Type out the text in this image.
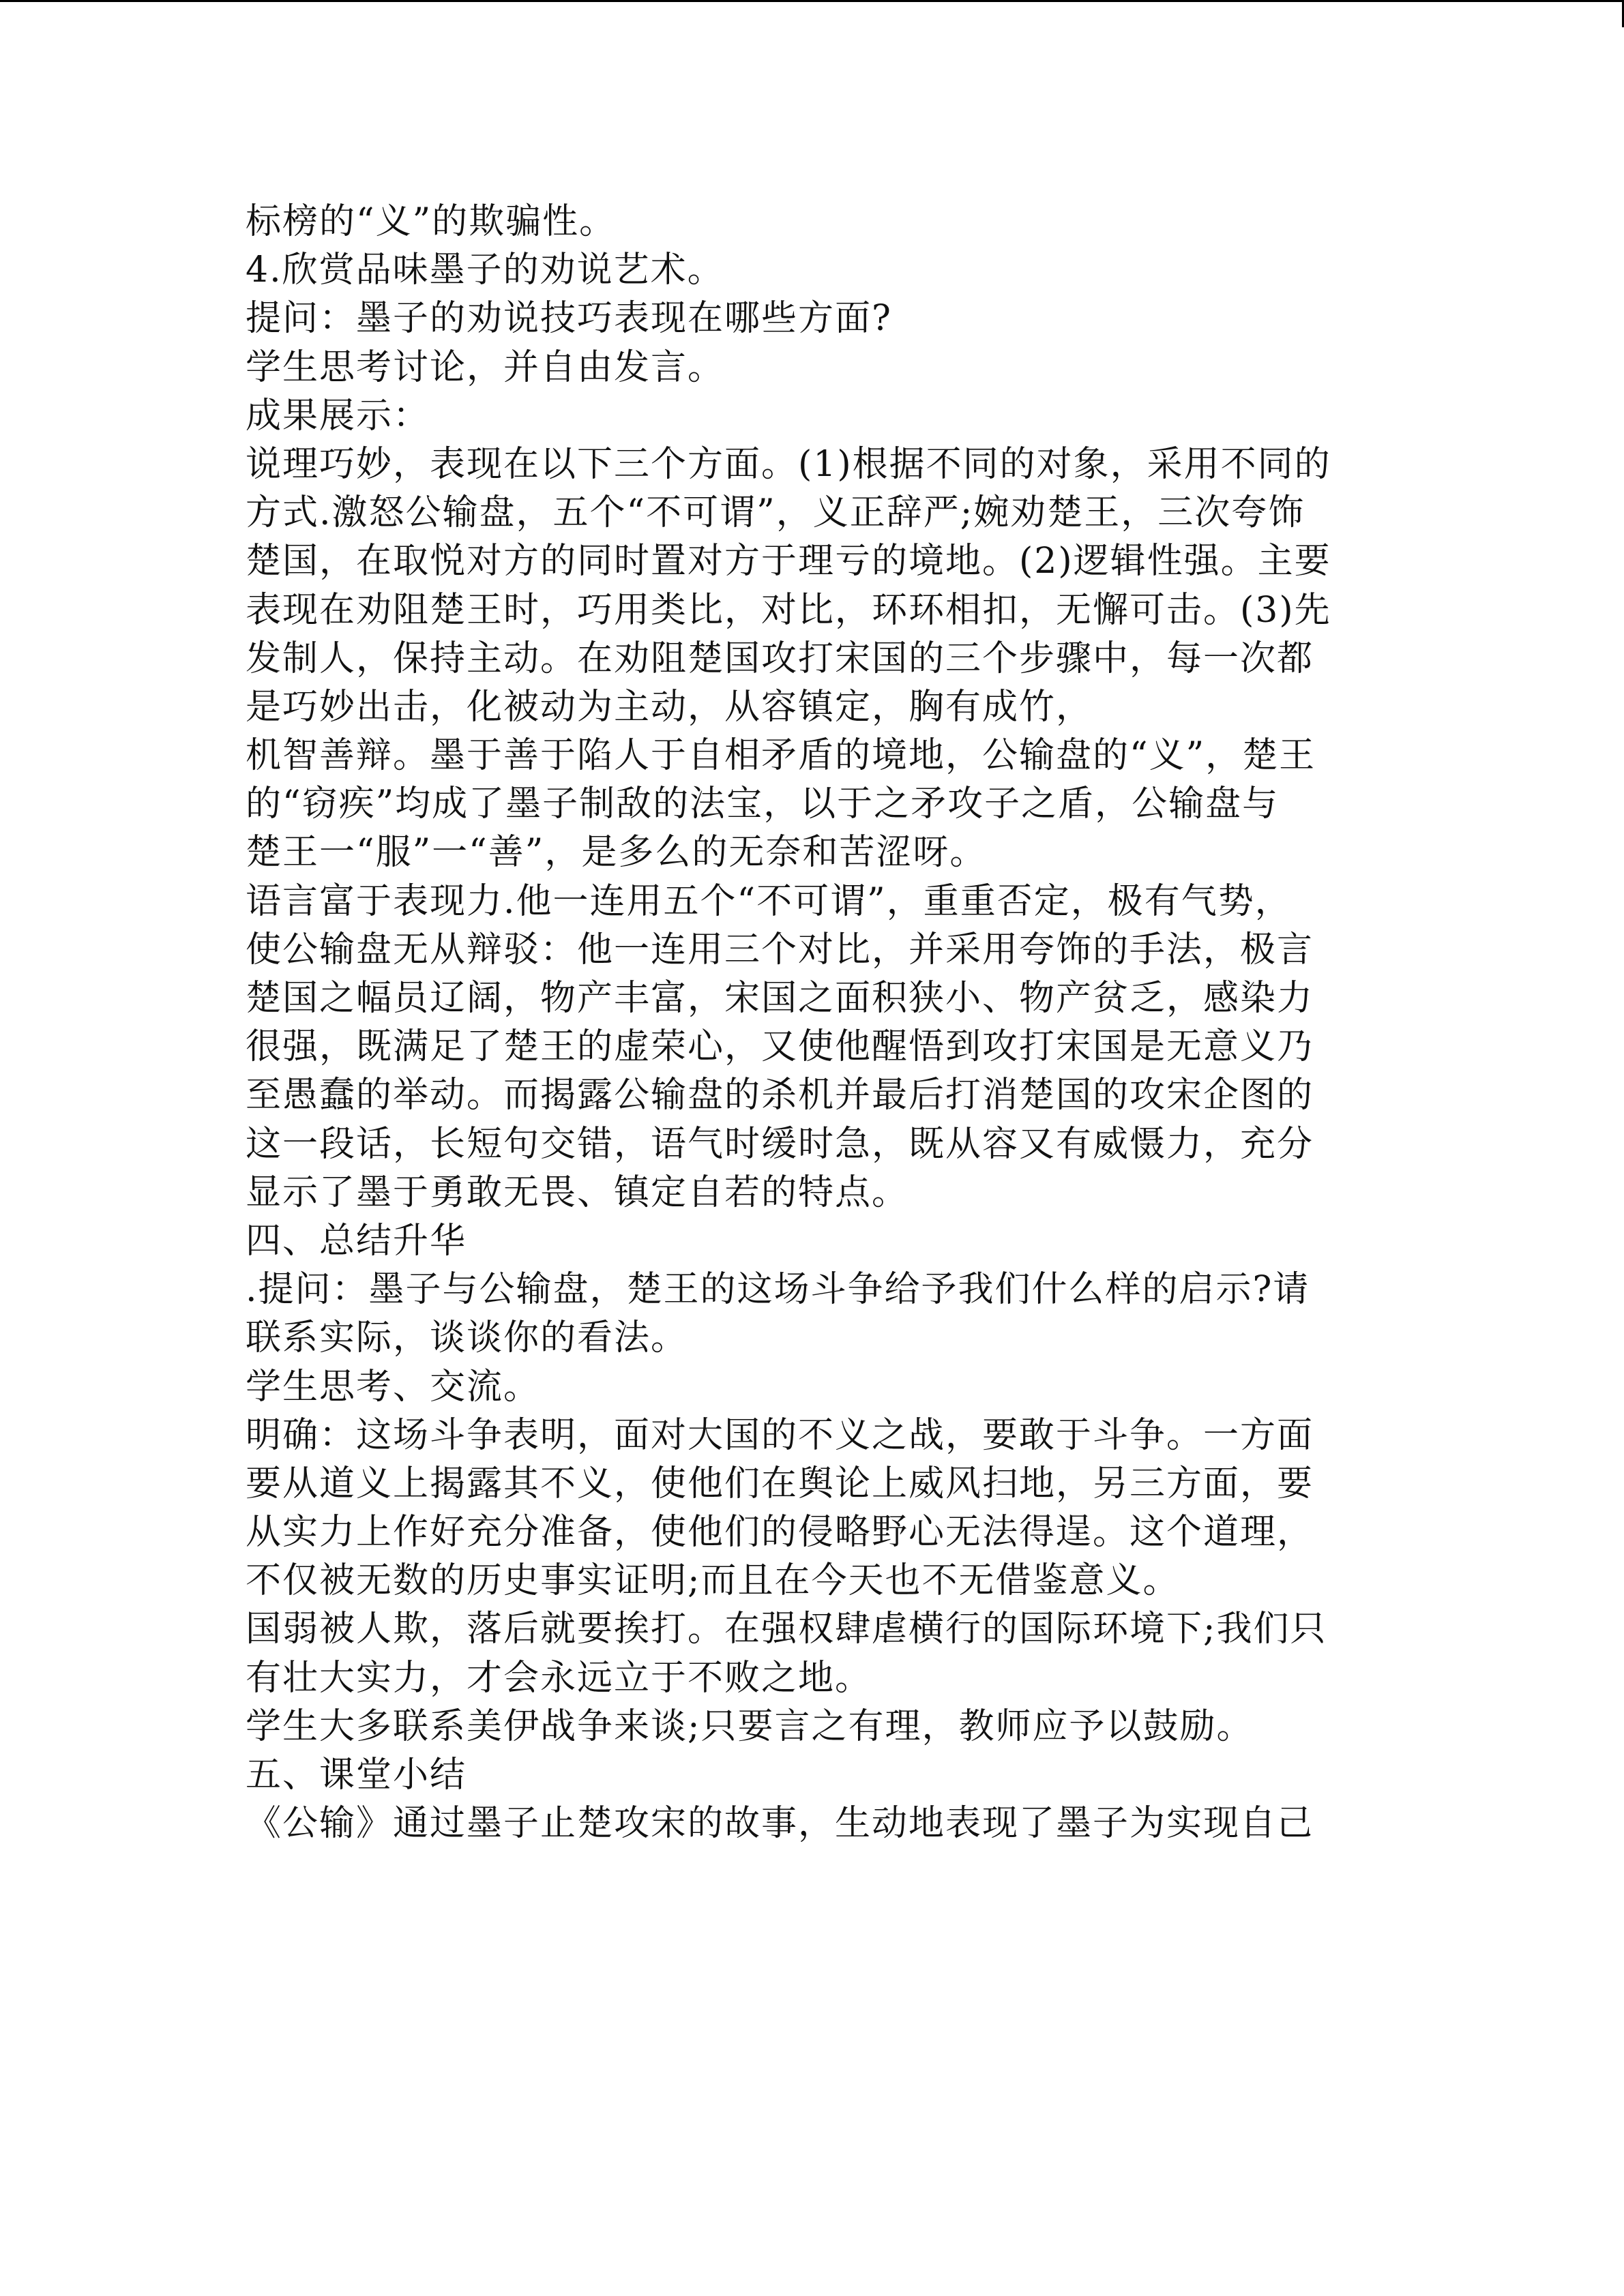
标榜的“义”的欺骗性。
4.欣赏品味墨子的劝说艺术。
提问：墨子的劝说技巧表现在哪些方面?
学生思考讨论，并自由发言。
成果展示：
说理巧妙，表现在以下三个方面。(1)根据不同的对象，采用不同的
方式.激怒公输盘，五个“不可谓”，义正辞严;婉劝楚王，三次夸饰
楚国，在取悦对方的同时置对方于理亏的境地。(2)逻辑性强。主要
表现在劝阻楚王时，巧用类比，对比，环环相扣，无懈可击。(3)先
发制人，保持主动。在劝阻楚国攻打宋国的三个步骤中，每一次都
是巧妙出击，化被动为主动，从容镇定，胸有成竹，
机智善辩。墨于善于陷人于自相矛盾的境地，公输盘的“义”，楚王
的“窃疾”均成了墨子制敌的法宝，以于之矛攻子之盾，公输盘与
楚王一“服”一“善”，是多么的无奈和苦涩呀。
语言富于表现力.他一连用五个“不可谓”，重重否定，极有气势，
使公输盘无从辩驳：他一连用三个对比，并采用夸饰的手法，极言
楚国之幅员辽阔，物产丰富，宋国之面积狭小、物产贫乏，感染力
很强，既满足了楚王的虚荣心，又使他醒悟到攻打宋国是无意义乃
至愚蠢的举动。而揭露公输盘的杀机并最后打消楚国的攻宋企图的
这一段话，长短句交错，语气时缓时急，既从容又有威慑力，充分
显示了墨于勇敢无畏、镇定自若的特点。
四、总结升华
.提问：墨子与公输盘，楚王的这场斗争给予我们什么样的启示?请
联系实际，谈谈你的看法。
学生思考、交流。
明确：这场斗争表明，面对大国的不义之战，要敢于斗争。一方面
要从道义上揭露其不义，使他们在舆论上威风扫地，另三方面，要
从实力上作好充分准备，使他们的侵略野心无法得逞。这个道理，
不仅被无数的历史事实证明;而且在今天也不无借鉴意义。
国弱被人欺，落后就要挨打。在强权肆虐横行的国际环境下;我们只
有壮大实力，才会永远立于不败之地。
学生大多联系美伊战争来谈;只要言之有理，教师应予以鼓励。
五、课堂小结
《公输》通过墨子止楚攻宋的故事，生动地表现了墨子为实现自己
